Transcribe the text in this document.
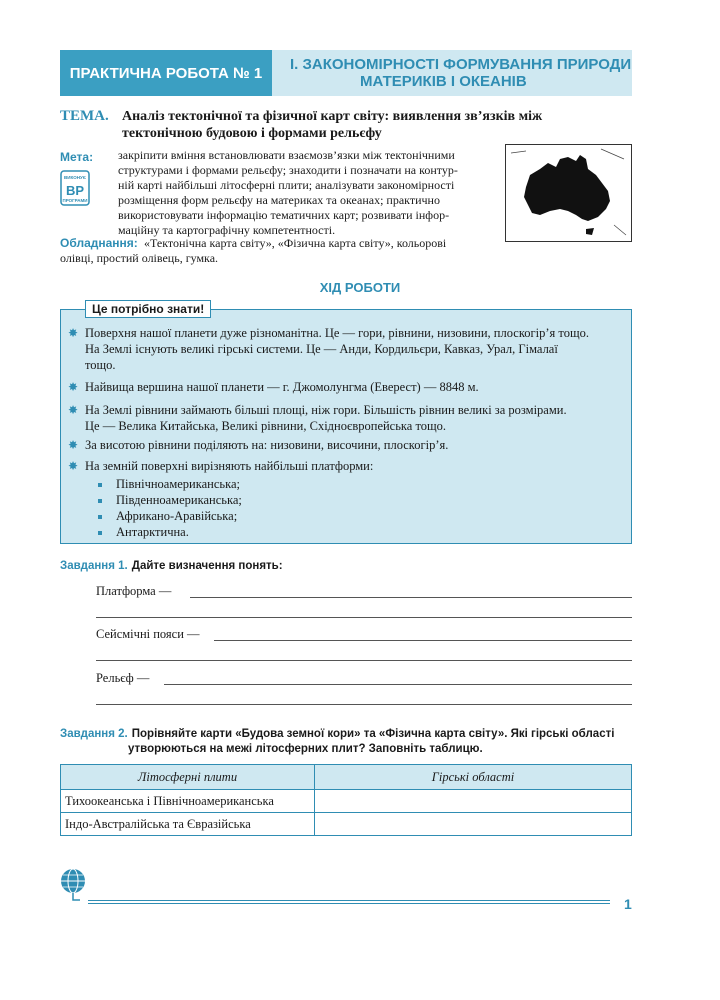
ПРАКТИЧНА РОБОТА № 1	І. ЗАКОНОМІРНОСТІ ФОРМУВАННЯ ПРИРОДИ
МАТЕРИКІВ І ОКЕАНІВ
ТЕМА. Аналіз тектонічної та фізичної карт світу: виявлення зв’язків між
тектонічною будовою і формами рельєфу
Мета:
ВИКОНУЄ
ВР
ПРОГРАМИ
закріпити вміння встановлювати взаємозв’язки між тектонічними
структурами і формами рельєфу; знаходити і позначати на контур-
ній карті найбільші літосферні плити; аналізувати закономірності
розміщення форм рельєфу на материках та океанах; практично
використовувати інформацію тематичних карт; розвивати інфор-
маційну та картографічну компетентності.
Обладнання: «Тектонічна карта світу», «Фізична карта світу», кольорові
олівці, простий олівець, гумка.
ХІД РОБОТИ
Це потрібно знати!
✸ Поверхня нашої планети дуже різноманітна. Це — гори, рівнини, низовини, плоскогір’я тощо.
На Землі існують великі гірські системи. Це — Анди, Кордильєри, Кавказ, Урал, Гімалаї
тощо.
✸ Найвища вершина нашої планети — г. Джомолунгма (Еверест) — 8848 м.
✸ На Землі рівнини займають більші площі, ніж гори. Більшість рівнин великі за розмірами.
Це — Велика Китайська, Великі рівнини, Східноєвропейська тощо.
✸ За висотою рівнини поділяють на: низовини, височини, плоскогір’я.
✸ На земній поверхні вирізняють найбільші платформи:
Північноамериканська;
Південноамериканська;
Африкано-Аравійська;
Антарктична.
Завдання 1. Дайте визначення понять:
Платформа —
Сейсмічні пояси —
Рельєф —
Завдання 2. Порівняйте карти «Будова земної кори» та «Фізична карта світу». Які гірські області
утворюються на межі літосферних плит? Заповніть таблицю.
Літосферні плити	Гірські області
Тихоокеанська і Північноамериканська	
Індо-Австралійська та Євразійська	
1
